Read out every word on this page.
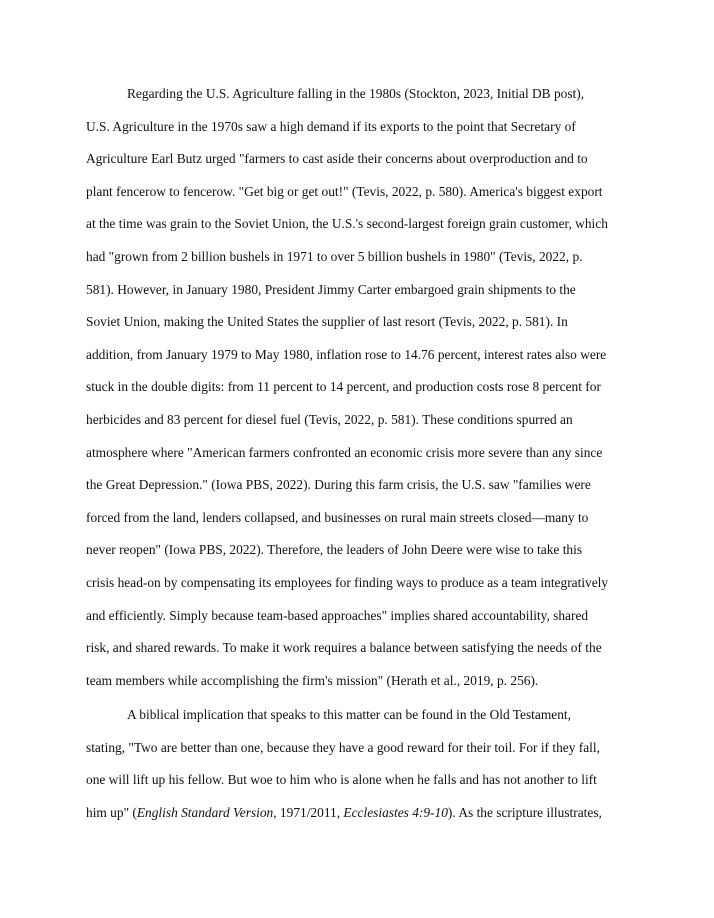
Regarding the U.S. Agriculture falling in the 1980s (Stockton, 2023, Initial DB post),
U.S. Agriculture in the 1970s saw a high demand if its exports to the point that Secretary of
Agriculture Earl Butz urged "farmers to cast aside their concerns about overproduction and to
plant fencerow to fencerow. "Get big or get out!" (Tevis, 2022, p. 580). America's biggest export
at the time was grain to the Soviet Union, the U.S.'s second-largest foreign grain customer, which
had "grown from 2 billion bushels in 1971 to over 5 billion bushels in 1980" (Tevis, 2022, p.
581). However, in January 1980, President Jimmy Carter embargoed grain shipments to the
Soviet Union, making the United States the supplier of last resort (Tevis, 2022, p. 581). In
addition, from January 1979 to May 1980, inflation rose to 14.76 percent, interest rates also were
stuck in the double digits: from 11 percent to 14 percent, and production costs rose 8 percent for
herbicides and 83 percent for diesel fuel (Tevis, 2022, p. 581). These conditions spurred an
atmosphere where "American farmers confronted an economic crisis more severe than any since
the Great Depression." (Iowa PBS, 2022). During this farm crisis, the U.S. saw "families were
forced from the land, lenders collapsed, and businesses on rural main streets closed—many to
never reopen" (Iowa PBS, 2022). Therefore, the leaders of John Deere were wise to take this
crisis head-on by compensating its employees for finding ways to produce as a team integratively
and efficiently. Simply because team-based approaches" implies shared accountability, shared
risk, and shared rewards. To make it work requires a balance between satisfying the needs of the
team members while accomplishing the firm's mission" (Herath et al., 2019, p. 256).
A biblical implication that speaks to this matter can be found in the Old Testament,
stating, "Two are better than one, because they have a good reward for their toil. For if they fall,
one will lift up his fellow. But woe to him who is alone when he falls and has not another to lift
him up" (English Standard Version, 1971/2011, Ecclesiastes 4:9-10). As the scripture illustrates,
